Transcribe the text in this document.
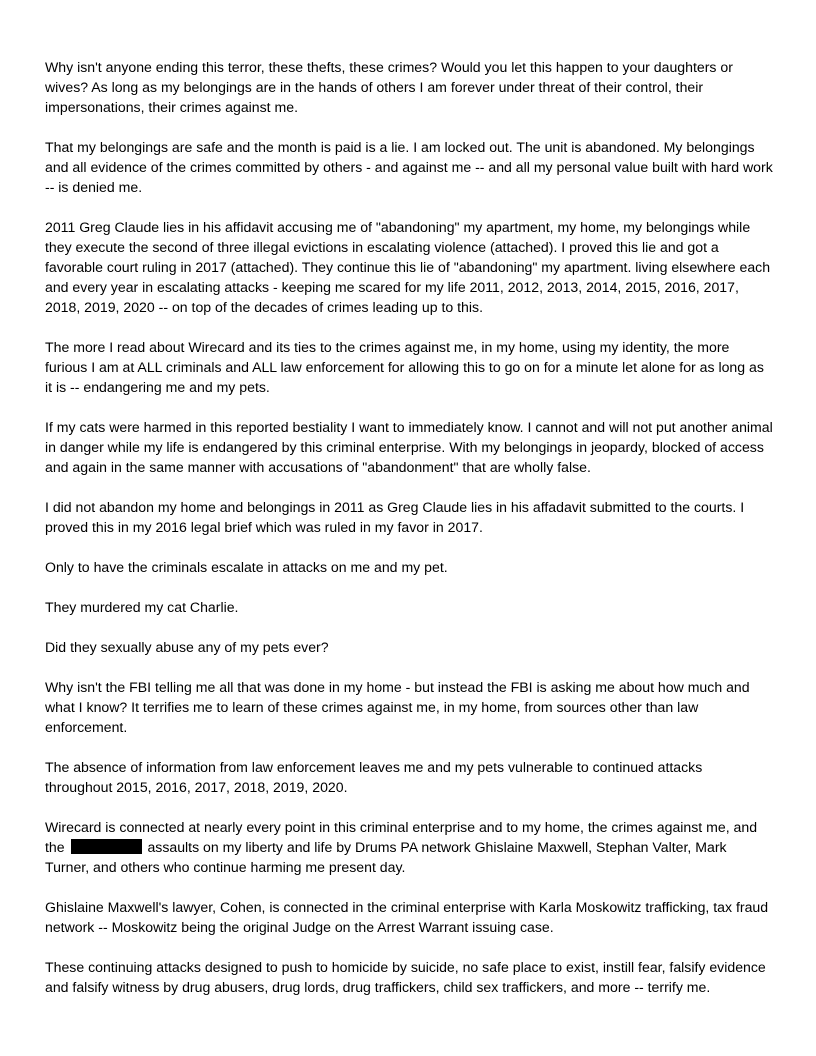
Why isn't anyone ending this terror, these thefts, these crimes? Would you let this happen to your daughters or wives? As long as my belongings are in the hands of others I am forever under threat of their control, their impersonations, their crimes against me.

That my belongings are safe and the month is paid is a lie. I am locked out. The unit is abandoned. My belongings and all evidence of the crimes committed by others - and against me -- and all my personal value built with hard work -- is denied me.

2011 Greg Claude lies in his affidavit accusing me of "abandoning" my apartment, my home, my belongings while they execute the second of three illegal evictions in escalating violence (attached). I proved this lie and got a favorable court ruling in 2017 (attached). They continue this lie of "abandoning" my apartment. living elsewhere each and every year in escalating attacks - keeping me scared for my life 2011, 2012, 2013, 2014, 2015, 2016, 2017, 2018, 2019, 2020 -- on top of the decades of crimes leading up to this.

The more I read about Wirecard and its ties to the crimes against me, in my home, using my identity, the more furious I am at ALL criminals and ALL law enforcement for allowing this to go on for a minute let alone for as long as it is -- endangering me and my pets.

If my cats were harmed in this reported bestiality I want to immediately know. I cannot and will not put another animal in danger while my life is endangered by this criminal enterprise. With my belongings in jeopardy, blocked of access and again in the same manner with accusations of "abandonment" that are wholly false.

I did not abandon my home and belongings in 2011 as Greg Claude lies in his affadavit submitted to the courts. I proved this in my 2016 legal brief which was ruled in my favor in 2017.

Only to have the criminals escalate in attacks on me and my pet.

They murdered my cat Charlie.

Did they sexually abuse any of my pets ever?

Why isn't the FBI telling me all that was done in my home - but instead the FBI is asking me about how much and what I know? It terrifies me to learn of these crimes against me, in my home, from sources other than law enforcement.

The absence of information from law enforcement leaves me and my pets vulnerable to continued attacks throughout 2015, 2016, 2017, 2018, 2019, 2020.

Wirecard is connected at nearly every point in this criminal enterprise and to my home, the crimes against me, and the	assaults on my liberty and life by Drums PA network Ghislaine Maxwell, Stephan Valter, Mark Turner, and others who continue harming me present day.

Ghislaine Maxwell's lawyer, Cohen, is connected in the criminal enterprise with Karla Moskowitz trafficking, tax fraud network -- Moskowitz being the original Judge on the Arrest Warrant issuing case.

These continuing attacks designed to push to homicide by suicide, no safe place to exist, instill fear, falsify evidence and falsify witness by drug abusers, drug lords, drug traffickers, child sex traffickers, and more -- terrify me.
